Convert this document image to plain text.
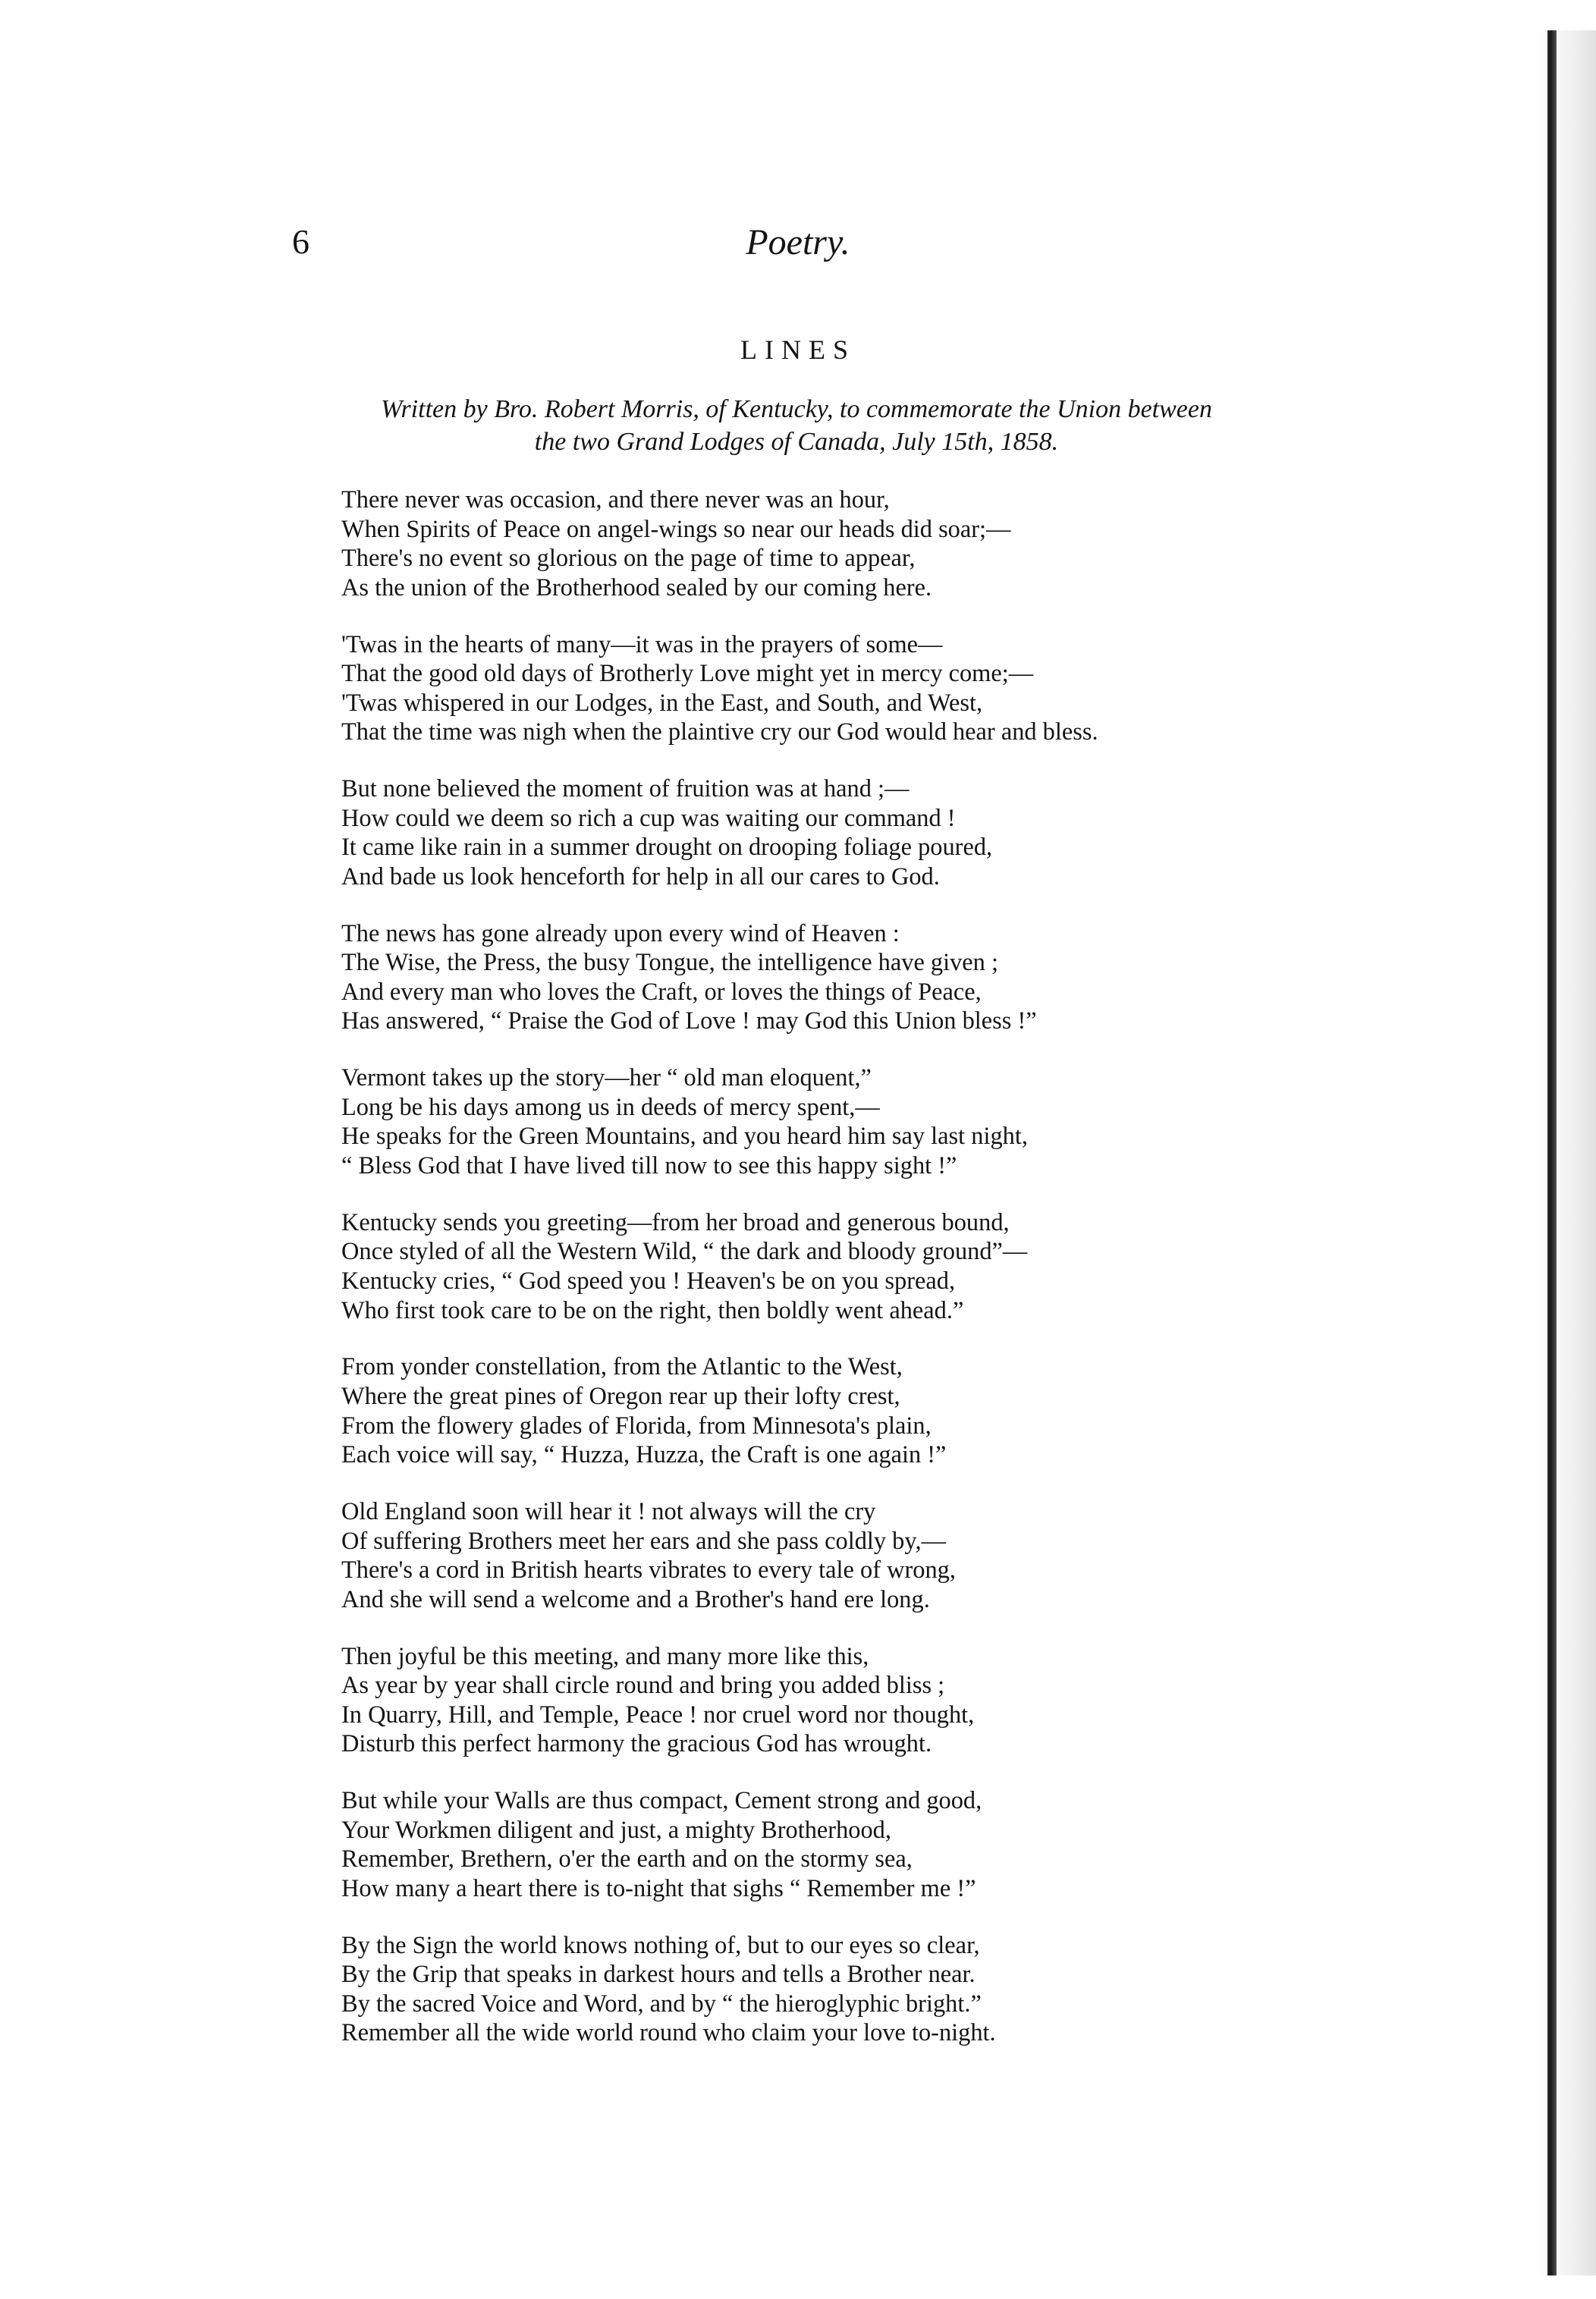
6	Poetry.
LINES
Written by Bro. Robert Morris, of Kentucky, to commemorate the Union between
the two Grand Lodges of Canada, July 15th, 1858.
There never was occasion, and there never was an hour,
When Spirits of Peace on angel-wings so near our heads did soar;—
There's no event so glorious on the page of time to appear,
As the union of the Brotherhood sealed by our coming here.
'Twas in the hearts of many—it was in the prayers of some—
That the good old days of Brotherly Love might yet in mercy come;—
'Twas whispered in our Lodges, in the East, and South, and West,
That the time was nigh when the plaintive cry our God would hear and bless.
But none believed the moment of fruition was at hand ;—
How could we deem so rich a cup was waiting our command !
It came like rain in a summer drought on drooping foliage poured,
And bade us look henceforth for help in all our cares to God.
The news has gone already upon every wind of Heaven :
The Wise, the Press, the busy Tongue, the intelligence have given ;
And every man who loves the Craft, or loves the things of Peace,
Has answered, “ Praise the God of Love ! may God this Union bless !”
Vermont takes up the story—her “ old man eloquent,”
Long be his days among us in deeds of mercy spent,—
He speaks for the Green Mountains, and you heard him say last night,
“ Bless God that I have lived till now to see this happy sight !”
Kentucky sends you greeting—from her broad and generous bound,
Once styled of all the Western Wild, “ the dark and bloody ground”—
Kentucky cries, “ God speed you ! Heaven's be on you spread,
Who first took care to be on the right, then boldly went ahead.”
From yonder constellation, from the Atlantic to the West,
Where the great pines of Oregon rear up their lofty crest,
From the flowery glades of Florida, from Minnesota's plain,
Each voice will say, “ Huzza, Huzza, the Craft is one again !”
Old England soon will hear it ! not always will the cry
Of suffering Brothers meet her ears and she pass coldly by,—
There's a cord in British hearts vibrates to every tale of wrong,
And she will send a welcome and a Brother's hand ere long.
Then joyful be this meeting, and many more like this,
As year by year shall circle round and bring you added bliss ;
In Quarry, Hill, and Temple, Peace ! nor cruel word nor thought,
Disturb this perfect harmony the gracious God has wrought.
But while your Walls are thus compact, Cement strong and good,
Your Workmen diligent and just, a mighty Brotherhood,
Remember, Brethern, o'er the earth and on the stormy sea,
How many a heart there is to-night that sighs “ Remember me !”
By the Sign the world knows nothing of, but to our eyes so clear,
By the Grip that speaks in darkest hours and tells a Brother near.
By the sacred Voice and Word, and by “ the hieroglyphic bright.”
Remember all the wide world round who claim your love to-night.
